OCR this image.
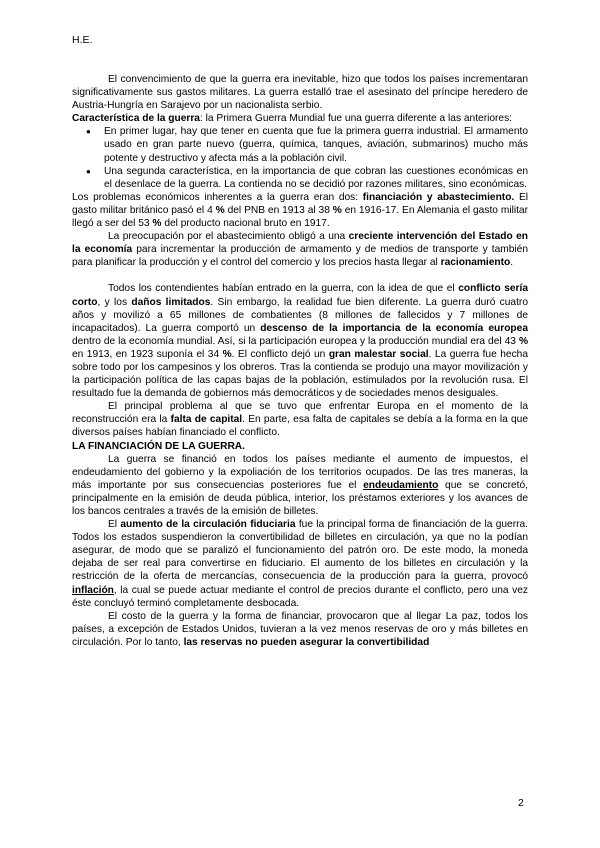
H.E.

El convencimiento de que la guerra era inevitable, hizo que todos los países incrementaran significativamente sus gastos militares. La guerra estalló trae el asesinato del príncipe heredero de Austria-Hungría en Sarajevo por un nacionalista serbio.

Característica de la guerra: la Primera Guerra Mundial fue una guerra diferente a las anteriores:

● En primer lugar, hay que tener en cuenta que fue la primera guerra industrial. El armamento usado en gran parte nuevo (guerra, química, tanques, aviación, submarinos) mucho más potente y destructivo y afecta más a la población civil.
● Una segunda característica, en la importancia de que cobran las cuestiones económicas en el desenlace de la guerra. La contienda no se decidió por razones militares, sino económicas.

Los problemas económicos inherentes a la guerra eran dos: financiación y abastecimiento. El gasto militar británico pasó el 4 % del PNB en 1913 al 38 % en 1916-17. En Alemania el gasto militar llegó a ser del 53 % del producto nacional bruto en 1917.

La preocupación por el abastecimiento obligó a una creciente intervención del Estado en la economía para incrementar la producción de armamento y de medios de transporte y también para planificar la producción y el control del comercio y los precios hasta llegar al racionamiento.

Todos los contendientes habían entrado en la guerra, con la idea de que el conflicto sería corto, y los daños limitados. Sin embargo, la realidad fue bien diferente. La guerra duró cuatro años y movilizó a 65 millones de combatientes (8 millones de fallecidos y 7 millones de incapacitados). La guerra comportó un descenso de la importancia de la economía europea dentro de la economía mundial. Así, si la participación europea y la producción mundial era del 43 % en 1913, en 1923 suponía el 34 %. El conflicto dejó un gran malestar social. La guerra fue hecha sobre todo por los campesinos y los obreros. Tras la contienda se produjo una mayor movilización y la participación política de las capas bajas de la población, estimulados por la revolución rusa. El resultado fue la demanda de gobiernos más democráticos y de sociedades menos desiguales.

El principal problema al que se tuvo que enfrentar Europa en el momento de la reconstrucción era la falta de capital. En parte, esa falta de capitales se debía a la forma en la que diversos países habían financiado el conflicto.

LA FINANCIACIÓN DE LA GUERRA.

La guerra se financió en todos los países mediante el aumento de impuestos, el endeudamiento del gobierno y la expoliación de los territorios ocupados. De las tres maneras, la más importante por sus consecuencias posteriores fue el endeudamiento que se concretó, principalmente en la emisión de deuda pública, interior, los préstamos exteriores y los avances de los bancos centrales a través de la emisión de billetes.

El aumento de la circulación fiduciaria fue la principal forma de financiación de la guerra. Todos los estados suspendieron la convertibilidad de billetes en circulación, ya que no la podían asegurar, de modo que se paralizó el funcionamiento del patrón oro. De este modo, la moneda dejaba de ser real para convertirse en fiduciario. El aumento de los billetes en circulación y la restricción de la oferta de mercancías, consecuencia de la producción para la guerra, provocó inflación, la cual se puede actuar mediante el control de precios durante el conflicto, pero una vez éste concluyó terminó completamente desbocada.

El costo de la guerra y la forma de financiar, provocaron que al llegar La paz, todos los países, a excepción de Estados Unidos, tuvieran a la vez menos reservas de oro y más billetes en circulación. Por lo tanto, las reservas no pueden asegurar la convertibilidad

2
